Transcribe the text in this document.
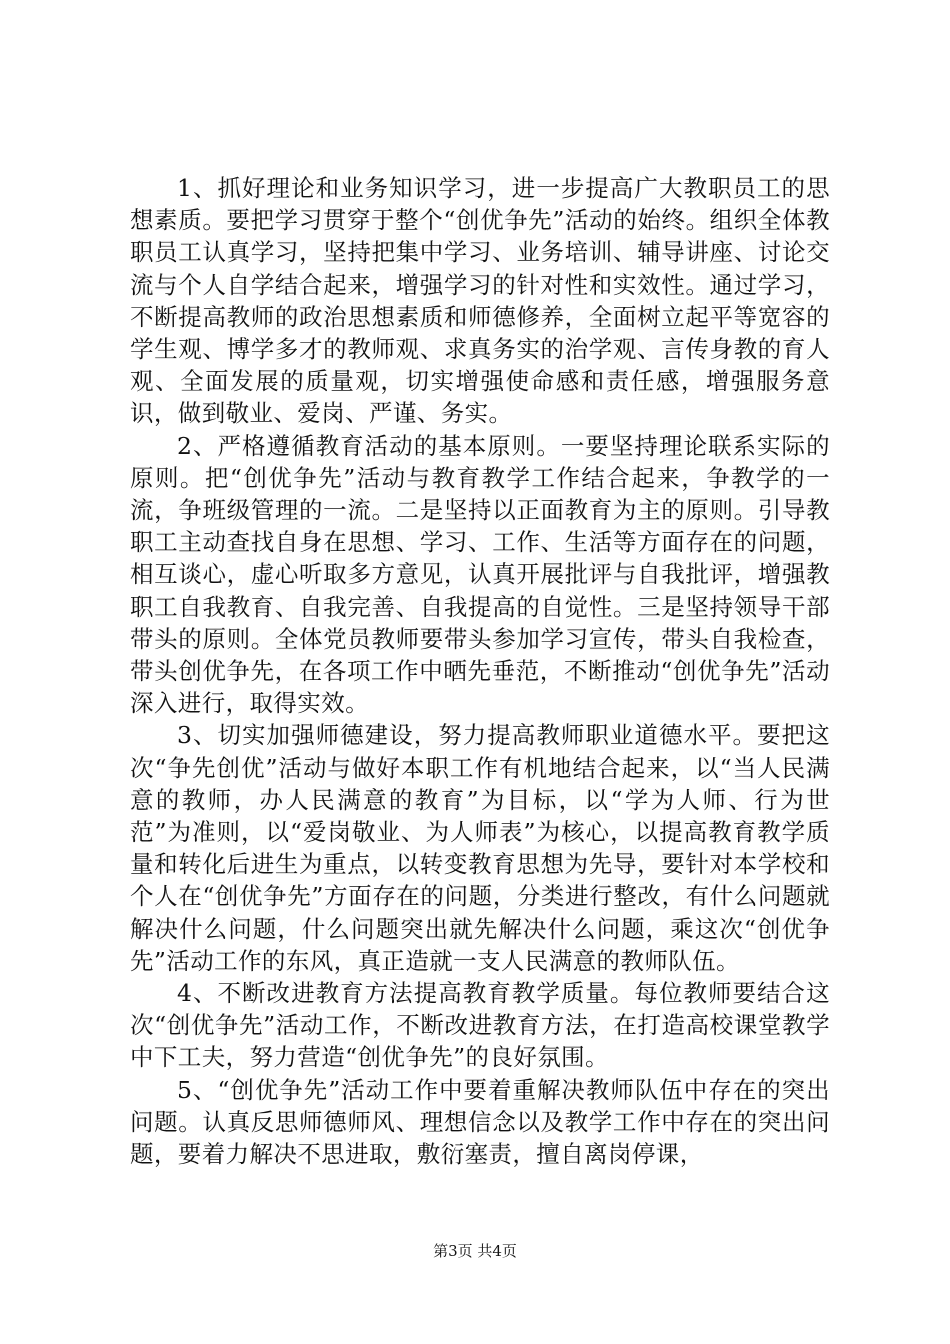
1、抓好理论和业务知识学习，进一步提高广大教职员工的思想素质。要把学习贯穿于整个“创优争先”活动的始终。组织全体教职员工认真学习，坚持把集中学习、业务培训、辅导讲座、讨论交流与个人自学结合起来，增强学习的针对性和实效性。通过学习，不断提高教师的政治思想素质和师德修养，全面树立起平等宽容的学生观、博学多才的教师观、求真务实的治学观、言传身教的育人观、全面发展的质量观，切实增强使命感和责任感，增强服务意识，做到敬业、爱岗、严谨、务实。

2、严格遵循教育活动的基本原则。一要坚持理论联系实际的原则。把“创优争先”活动与教育教学工作结合起来，争教学的一流，争班级管理的一流。二是坚持以正面教育为主的原则。引导教职工主动查找自身在思想、学习、工作、生活等方面存在的问题，相互谈心，虚心听取多方意见，认真开展批评与自我批评，增强教职工自我教育、自我完善、自我提高的自觉性。三是坚持领导干部带头的原则。全体党员教师要带头参加学习宣传，带头自我检查，带头创优争先，在各项工作中晒先垂范，不断推动“创优争先”活动深入进行，取得实效。

3、切实加强师德建设，努力提高教师职业道德水平。要把这次“争先创优”活动与做好本职工作有机地结合起来，以“当人民满意的教师，办人民满意的教育”为目标，以“学为人师、行为世范”为准则，以“爱岗敬业、为人师表”为核心，以提高教育教学质量和转化后进生为重点，以转变教育思想为先导，要针对本学校和个人在“创优争先”方面存在的问题，分类进行整改，有什么问题就解决什么问题，什么问题突出就先解决什么问题，乘这次“创优争先”活动工作的东风，真正造就一支人民满意的教师队伍。

4、不断改进教育方法提高教育教学质量。每位教师要结合这次“创优争先”活动工作，不断改进教育方法，在打造高校课堂教学中下工夫，努力营造“创优争先”的良好氛围。

5、“创优争先”活动工作中要着重解决教师队伍中存在的突出问题。认真反思师德师风、理想信念以及教学工作中存在的突出问题，要着力解决不思进取，敷衍塞责，擅自离岗停课，

第3页 共4页
